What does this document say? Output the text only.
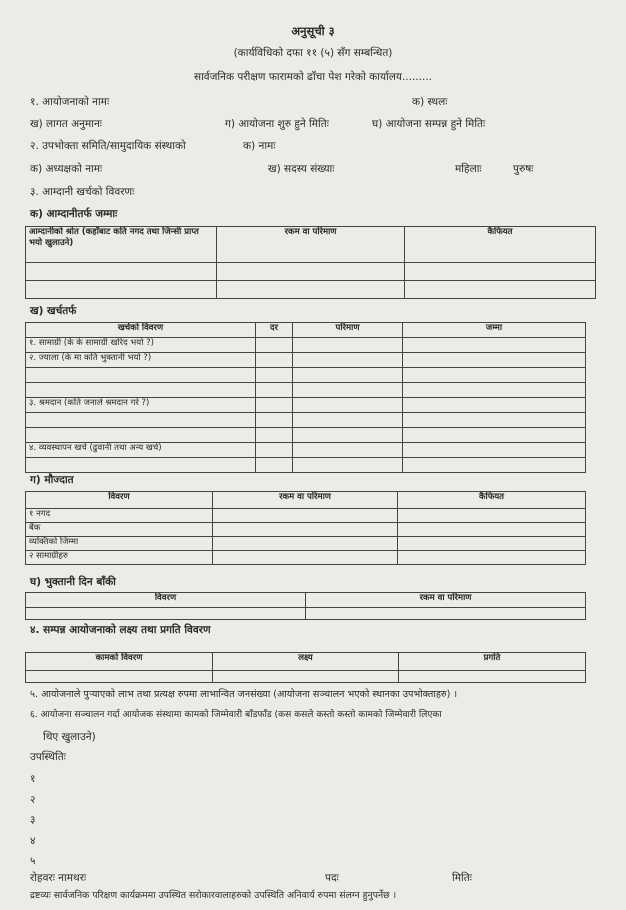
अनुसूची ३
(कार्यविधिको दफा ११ (५) सँग सम्बन्धित)
सार्वजनिक परीक्षण फारामको ढाँचा पेश गरेको कार्यालय.........
१. आयोजनाको नामः	क) स्थलः
ख) लागत अनुमानः	ग) आयोजना शुरु हुने मितिः	घ) आयोजना सम्पन्न हुने मितिः
२. उपभोक्ता समिति/सामुदायिक संस्थाको	क) नामः
क) अध्यक्षको नामः	ख) सदस्य संख्याः	महिलाः	पुरुषः
३. आम्दानी खर्चको विवरणः
क) आम्दानीतर्फ जम्माः
आम्दानीको श्रोत (कहाँबाट कति नगद तथा जिन्सी प्राप्त भयो खुलाउने)	रकम वा परिमाण	कैफियत

ख) खर्चतर्फ
खर्चको विवरण	दर	परिमाण	जम्मा
१. सामाग्री (के के सामाग्री खरिद भयो ?)			
२. ज्याला (के मा कति भुक्तानी भयो ?)			

३. श्रमदान (कति जनाले श्रमदान गरे ?)			

४. व्यवस्थापन खर्च (ढुवानी तथा अन्य खर्च)			

ग) मौज्दात
विवरण	रकम वा परिमाण	कैफियत
१ नगद		
बैंक		
व्यक्तिको जिम्मा		
२ सामाग्रीहरु		
घ) भुक्तानी दिन बाँकी
विवरण	रकम वा परिमाण

४. सम्पन्न आयोजनाको लक्ष्य तथा प्रगति विवरण
कामको विवरण	लक्ष्य	प्रगति

५. आयोजनाले पुऱ्याएको लाभ तथा प्रत्यक्ष रुपमा लाभान्वित जनसंख्या (आयोजना सञ्चालन भएको स्थानका उपभोक्ताहरु) ।
६. आयोजना सञ्चालन गर्दा आयोजक संस्थामा कामको जिम्मेवारी बाँडफाँड (कस कसले कस्तो कस्तो कामको जिम्मेवारी लिएका
थिए खुलाउने)
उपस्थितिः
१
२
३
४
५
रोहवरः नामथरः	पदः	मितिः
द्रष्टव्यः सार्वजनिक परिक्षण कार्यक्रममा उपस्थित सरोकारवालाहरुको उपस्थिति अनिवार्य रुपमा संलग्न हुनुपर्नेछ ।
